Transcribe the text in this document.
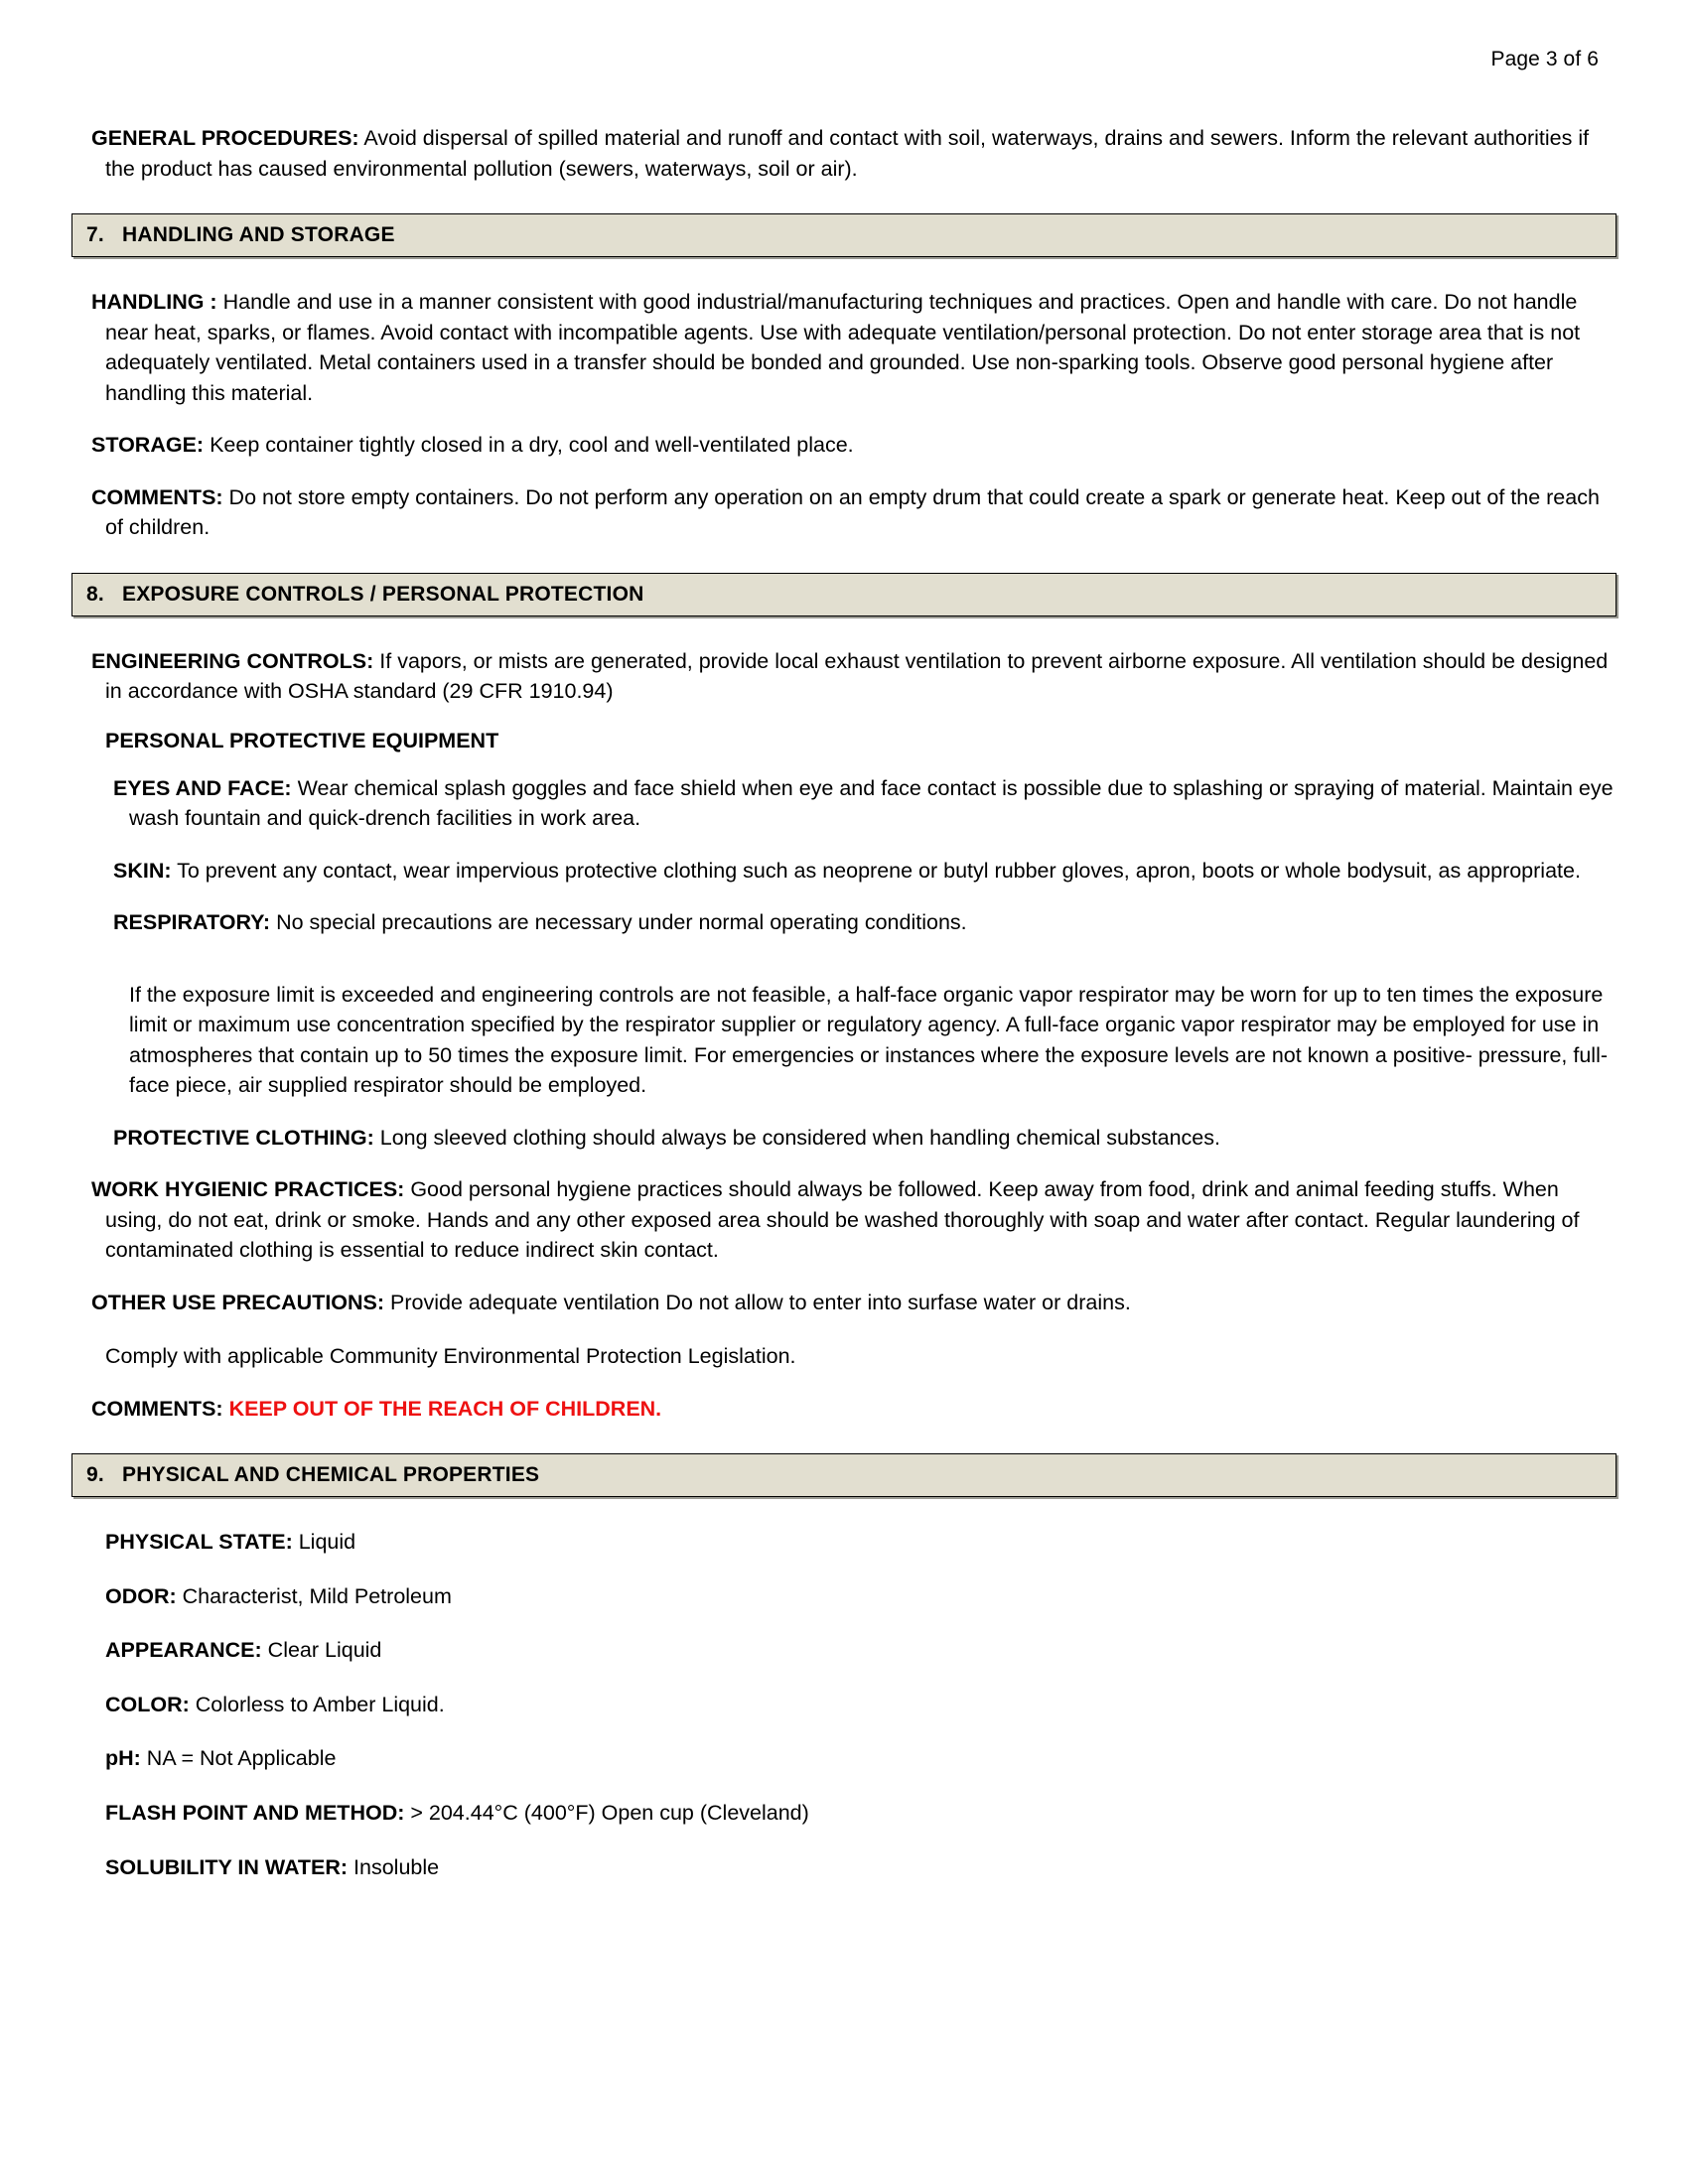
Page 3 of 6
GENERAL PROCEDURES: Avoid dispersal of spilled material and runoff and contact with soil, waterways, drains and sewers. Inform the relevant authorities if the product has caused environmental pollution (sewers, waterways, soil or air).
7. HANDLING AND STORAGE
HANDLING : Handle and use in a manner consistent with good industrial/manufacturing techniques and practices. Open and handle with care. Do not handle near heat, sparks, or flames. Avoid contact with incompatible agents. Use with adequate ventilation/personal protection. Do not enter storage area that is not adequately ventilated. Metal containers used in a transfer should be bonded and grounded. Use non-sparking tools. Observe good personal hygiene after handling this material.
STORAGE: Keep container tightly closed in a dry, cool and well-ventilated place.
COMMENTS: Do not store empty containers. Do not perform any operation on an empty drum that could create a spark or generate heat. Keep out of the reach of children.
8. EXPOSURE CONTROLS / PERSONAL PROTECTION
ENGINEERING CONTROLS: If vapors, or mists are generated, provide local exhaust ventilation to prevent airborne exposure. All ventilation should be designed in accordance with OSHA standard (29 CFR 1910.94)
PERSONAL PROTECTIVE EQUIPMENT
EYES AND FACE: Wear chemical splash goggles and face shield when eye and face contact is possible due to splashing or spraying of material. Maintain eye wash fountain and quick-drench facilities in work area.
SKIN: To prevent any contact, wear impervious protective clothing such as neoprene or butyl rubber gloves, apron, boots or whole bodysuit, as appropriate.
RESPIRATORY: No special precautions are necessary under normal operating conditions.
If the exposure limit is exceeded and engineering controls are not feasible, a half-face organic vapor respirator may be worn for up to ten times the exposure limit or maximum use concentration specified by the respirator supplier or regulatory agency. A full-face organic vapor respirator may be employed for use in atmospheres that contain up to 50 times the exposure limit. For emergencies or instances where the exposure levels are not known a positive- pressure, full-face piece, air supplied respirator should be employed.
PROTECTIVE CLOTHING: Long sleeved clothing should always be considered when handling chemical substances.
WORK HYGIENIC PRACTICES: Good personal hygiene practices should always be followed. Keep away from food, drink and animal feeding stuffs. When using, do not eat, drink or smoke. Hands and any other exposed area should be washed thoroughly with soap and water after contact. Regular laundering of contaminated clothing is essential to reduce indirect skin contact.
OTHER USE PRECAUTIONS: Provide adequate ventilation Do not allow to enter into surfase water or drains.
Comply with applicable Community Environmental Protection Legislation.
COMMENTS: KEEP OUT OF THE REACH OF CHILDREN.
9. PHYSICAL AND CHEMICAL PROPERTIES
PHYSICAL STATE: Liquid
ODOR: Characterist, Mild Petroleum
APPEARANCE: Clear Liquid
COLOR: Colorless to Amber Liquid.
pH: NA = Not Applicable
FLASH POINT AND METHOD: > 204.44°C (400°F) Open cup (Cleveland)
SOLUBILITY IN WATER: Insoluble
